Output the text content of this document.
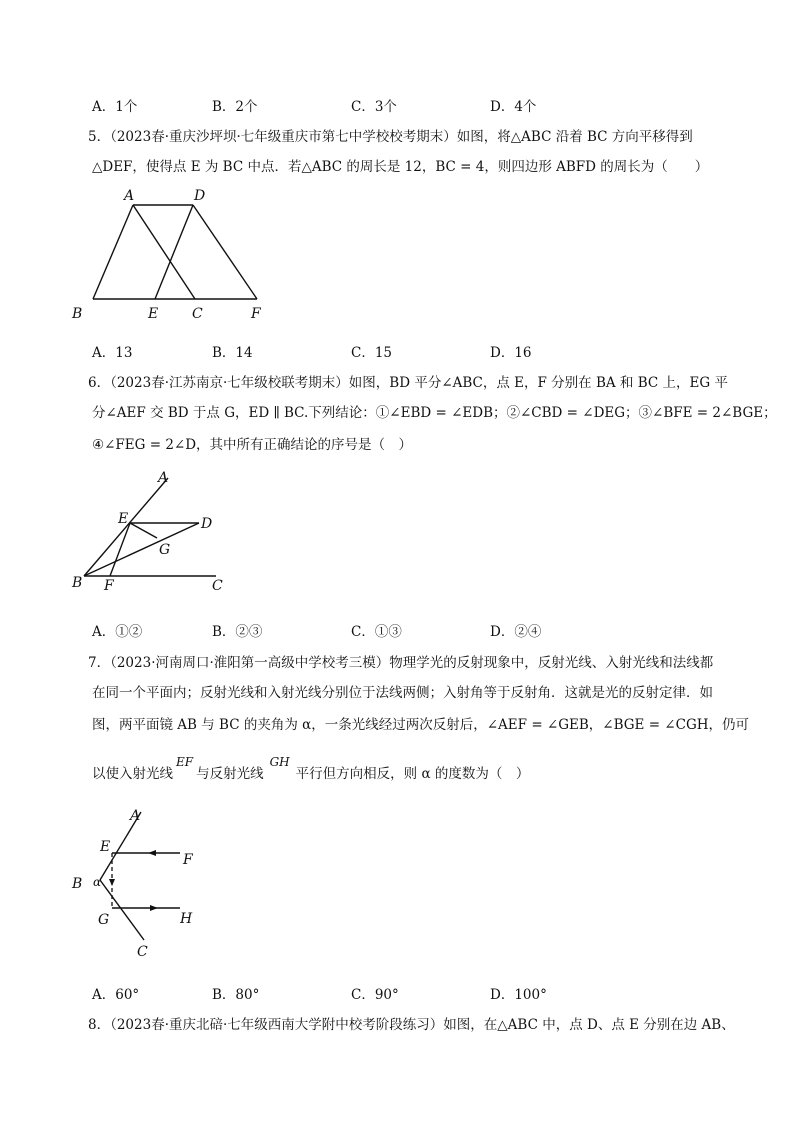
A．1个	B．2个	C．3个	D．4个
5．（2023春·重庆沙坪坝·七年级重庆市第七中学校校考期末）如图，将△ABC 沿着 BC 方向平移得到
△DEF，使得点 E 为 BC 中点．若△ABC 的周长是 12，BC = 4，则四边形 ABFD 的周长为（　　）
A	D
B	E C	F
A．13	B．14	C．15	D．16
6．（2023春·江苏南京·七年级校联考期末）如图，BD 平分∠ABC，点 E，F 分别在 BA 和 BC 上，EG 平
分∠AEF 交 BD 于点 G，ED ∥ BC.下列结论：①∠EBD = ∠EDB；②∠CBD = ∠DEG；③∠BFE = 2∠BGE；
④∠FEG = 2∠D，其中所有正确结论的序号是（　）
A
E	D
G
B F	C
A．①②	B．②③	C．①③	D．②④
7．（2023·河南周口·淮阳第一高级中学校考三模）物理学光的反射现象中，反射光线、入射光线和法线都
在同一个平面内；反射光线和入射光线分别位于法线两侧；入射角等于反射角．这就是光的反射定律．如
图，两平面镜 AB 与 BC 的夹角为 α，一条光线经过两次反射后，∠AEF = ∠GEB，∠BGE = ∠CGH，仍可
以使入射光线EF与反射光线GH平行但方向相反，则 α 的度数为（　）
A
E
F
B α
G	H
C
A．60°	B．80°	C．90°	D．100°
8．（2023春·重庆北碚·七年级西南大学附中校考阶段练习）如图，在△ABC 中，点 D、点 E 分别在边 AB、
